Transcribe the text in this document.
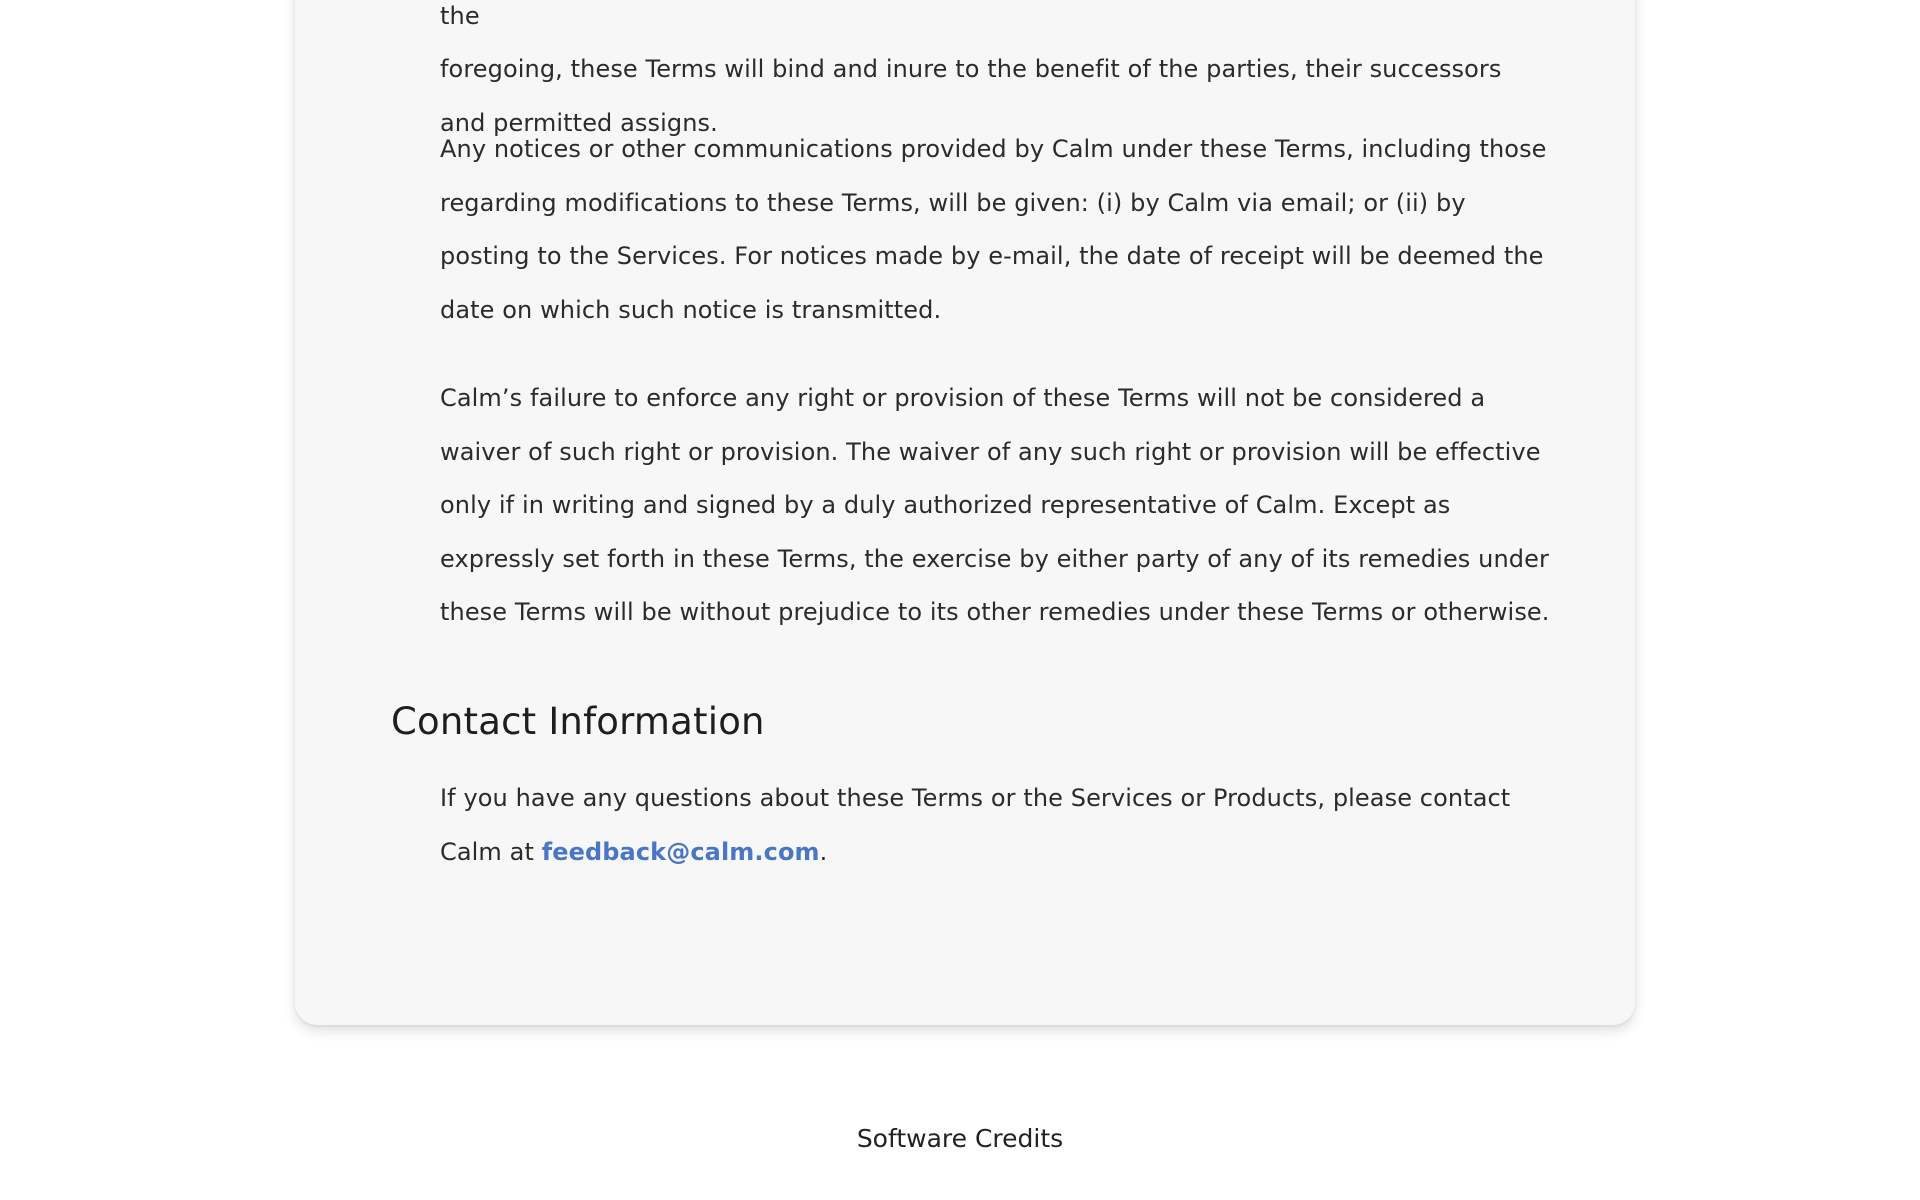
the
foregoing, these Terms will bind and inure to the benefit of the parties, their successors and permitted assigns.

Any notices or other communications provided by Calm under these Terms, including those regarding modifications to these Terms, will be given: (i) by Calm via email; or (ii) by posting to the Services. For notices made by e-mail, the date of receipt will be deemed the date on which such notice is transmitted.

Calm’s failure to enforce any right or provision of these Terms will not be considered a waiver of such right or provision. The waiver of any such right or provision will be effective only if in writing and signed by a duly authorized representative of Calm. Except as expressly set forth in these Terms, the exercise by either party of any of its remedies under these Terms will be without prejudice to its other remedies under these Terms or otherwise.

Contact Information

If you have any questions about these Terms or the Services or Products, please contact Calm at feedback@calm.com.

Software Credits
